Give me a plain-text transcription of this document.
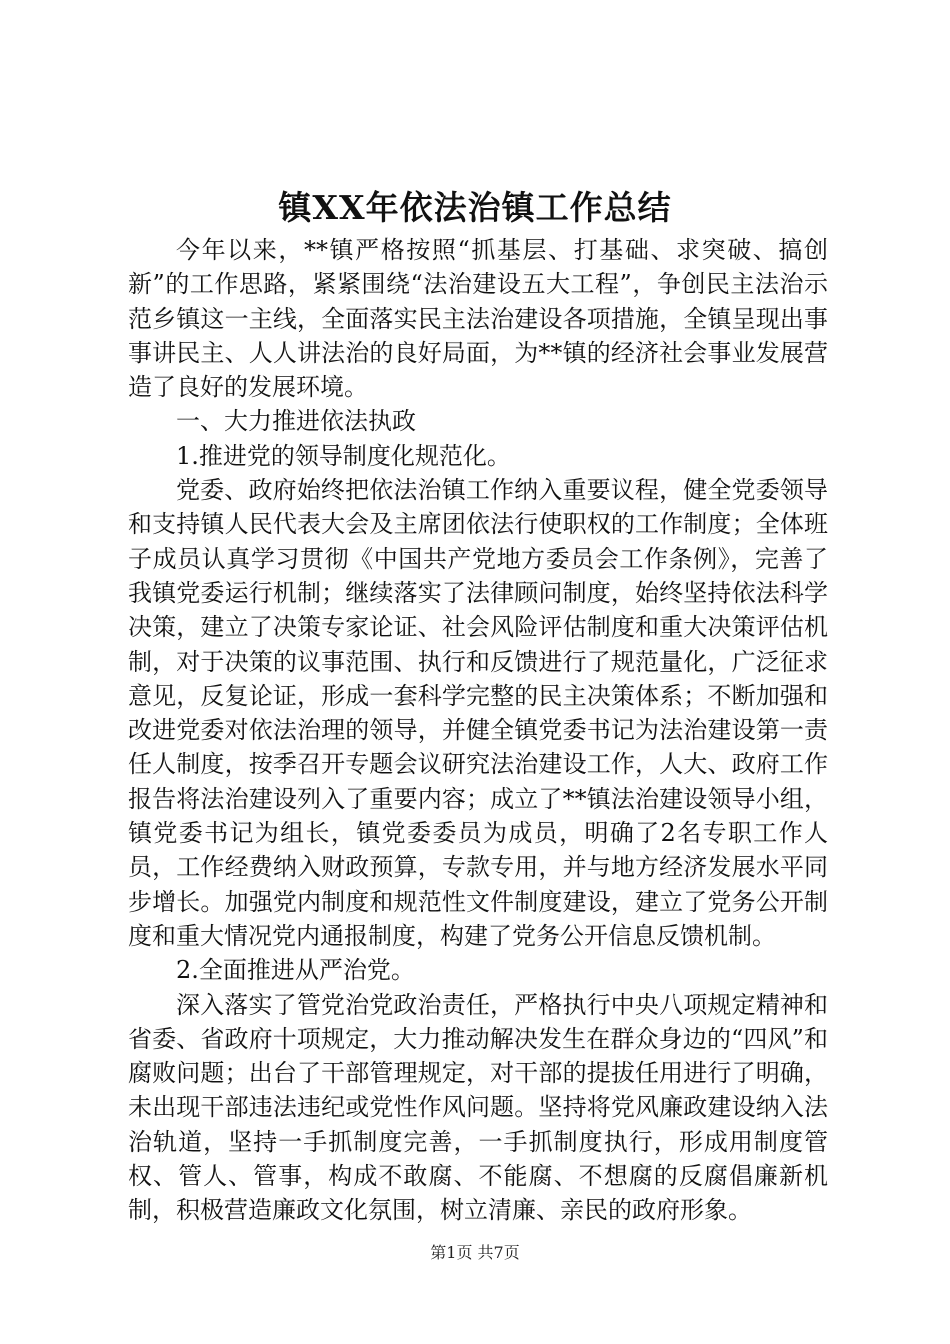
镇XX年依法治镇工作总结

今年以来，**镇严格按照“抓基层、打基础、求突破、搞创新”的工作思路，紧紧围绕“法治建设五大工程”，争创民主法治示范乡镇这一主线，全面落实民主法治建设各项措施，全镇呈现出事事讲民主、人人讲法治的良好局面，为**镇的经济社会事业发展营造了良好的发展环境。

一、大力推进依法执政

1.推进党的领导制度化规范化。

党委、政府始终把依法治镇工作纳入重要议程，健全党委领导和支持镇人民代表大会及主席团依法行使职权的工作制度；全体班子成员认真学习贯彻《中国共产党地方委员会工作条例》，完善了我镇党委运行机制；继续落实了法律顾问制度，始终坚持依法科学决策，建立了决策专家论证、社会风险评估制度和重大决策评估机制，对于决策的议事范围、执行和反馈进行了规范量化，广泛征求意见，反复论证，形成一套科学完整的民主决策体系；不断加强和改进党委对依法治理的领导，并健全镇党委书记为法治建设第一责任人制度，按季召开专题会议研究法治建设工作，人大、政府工作报告将法治建设列入了重要内容；成立了**镇法治建设领导小组，镇党委书记为组长，镇党委委员为成员，明确了2名专职工作人员，工作经费纳入财政预算，专款专用，并与地方经济发展水平同步增长。加强党内制度和规范性文件制度建设，建立了党务公开制度和重大情况党内通报制度，构建了党务公开信息反馈机制。

2.全面推进从严治党。

深入落实了管党治党政治责任，严格执行中央八项规定精神和省委、省政府十项规定，大力推动解决发生在群众身边的“四风”和腐败问题；出台了干部管理规定，对干部的提拔任用进行了明确，未出现干部违法违纪或党性作风问题。坚持将党风廉政建设纳入法治轨道，坚持一手抓制度完善，一手抓制度执行，形成用制度管权、管人、管事，构成不敢腐、不能腐、不想腐的反腐倡廉新机制，积极营造廉政文化氛围，树立清廉、亲民的政府形象。

第1页 共7页
